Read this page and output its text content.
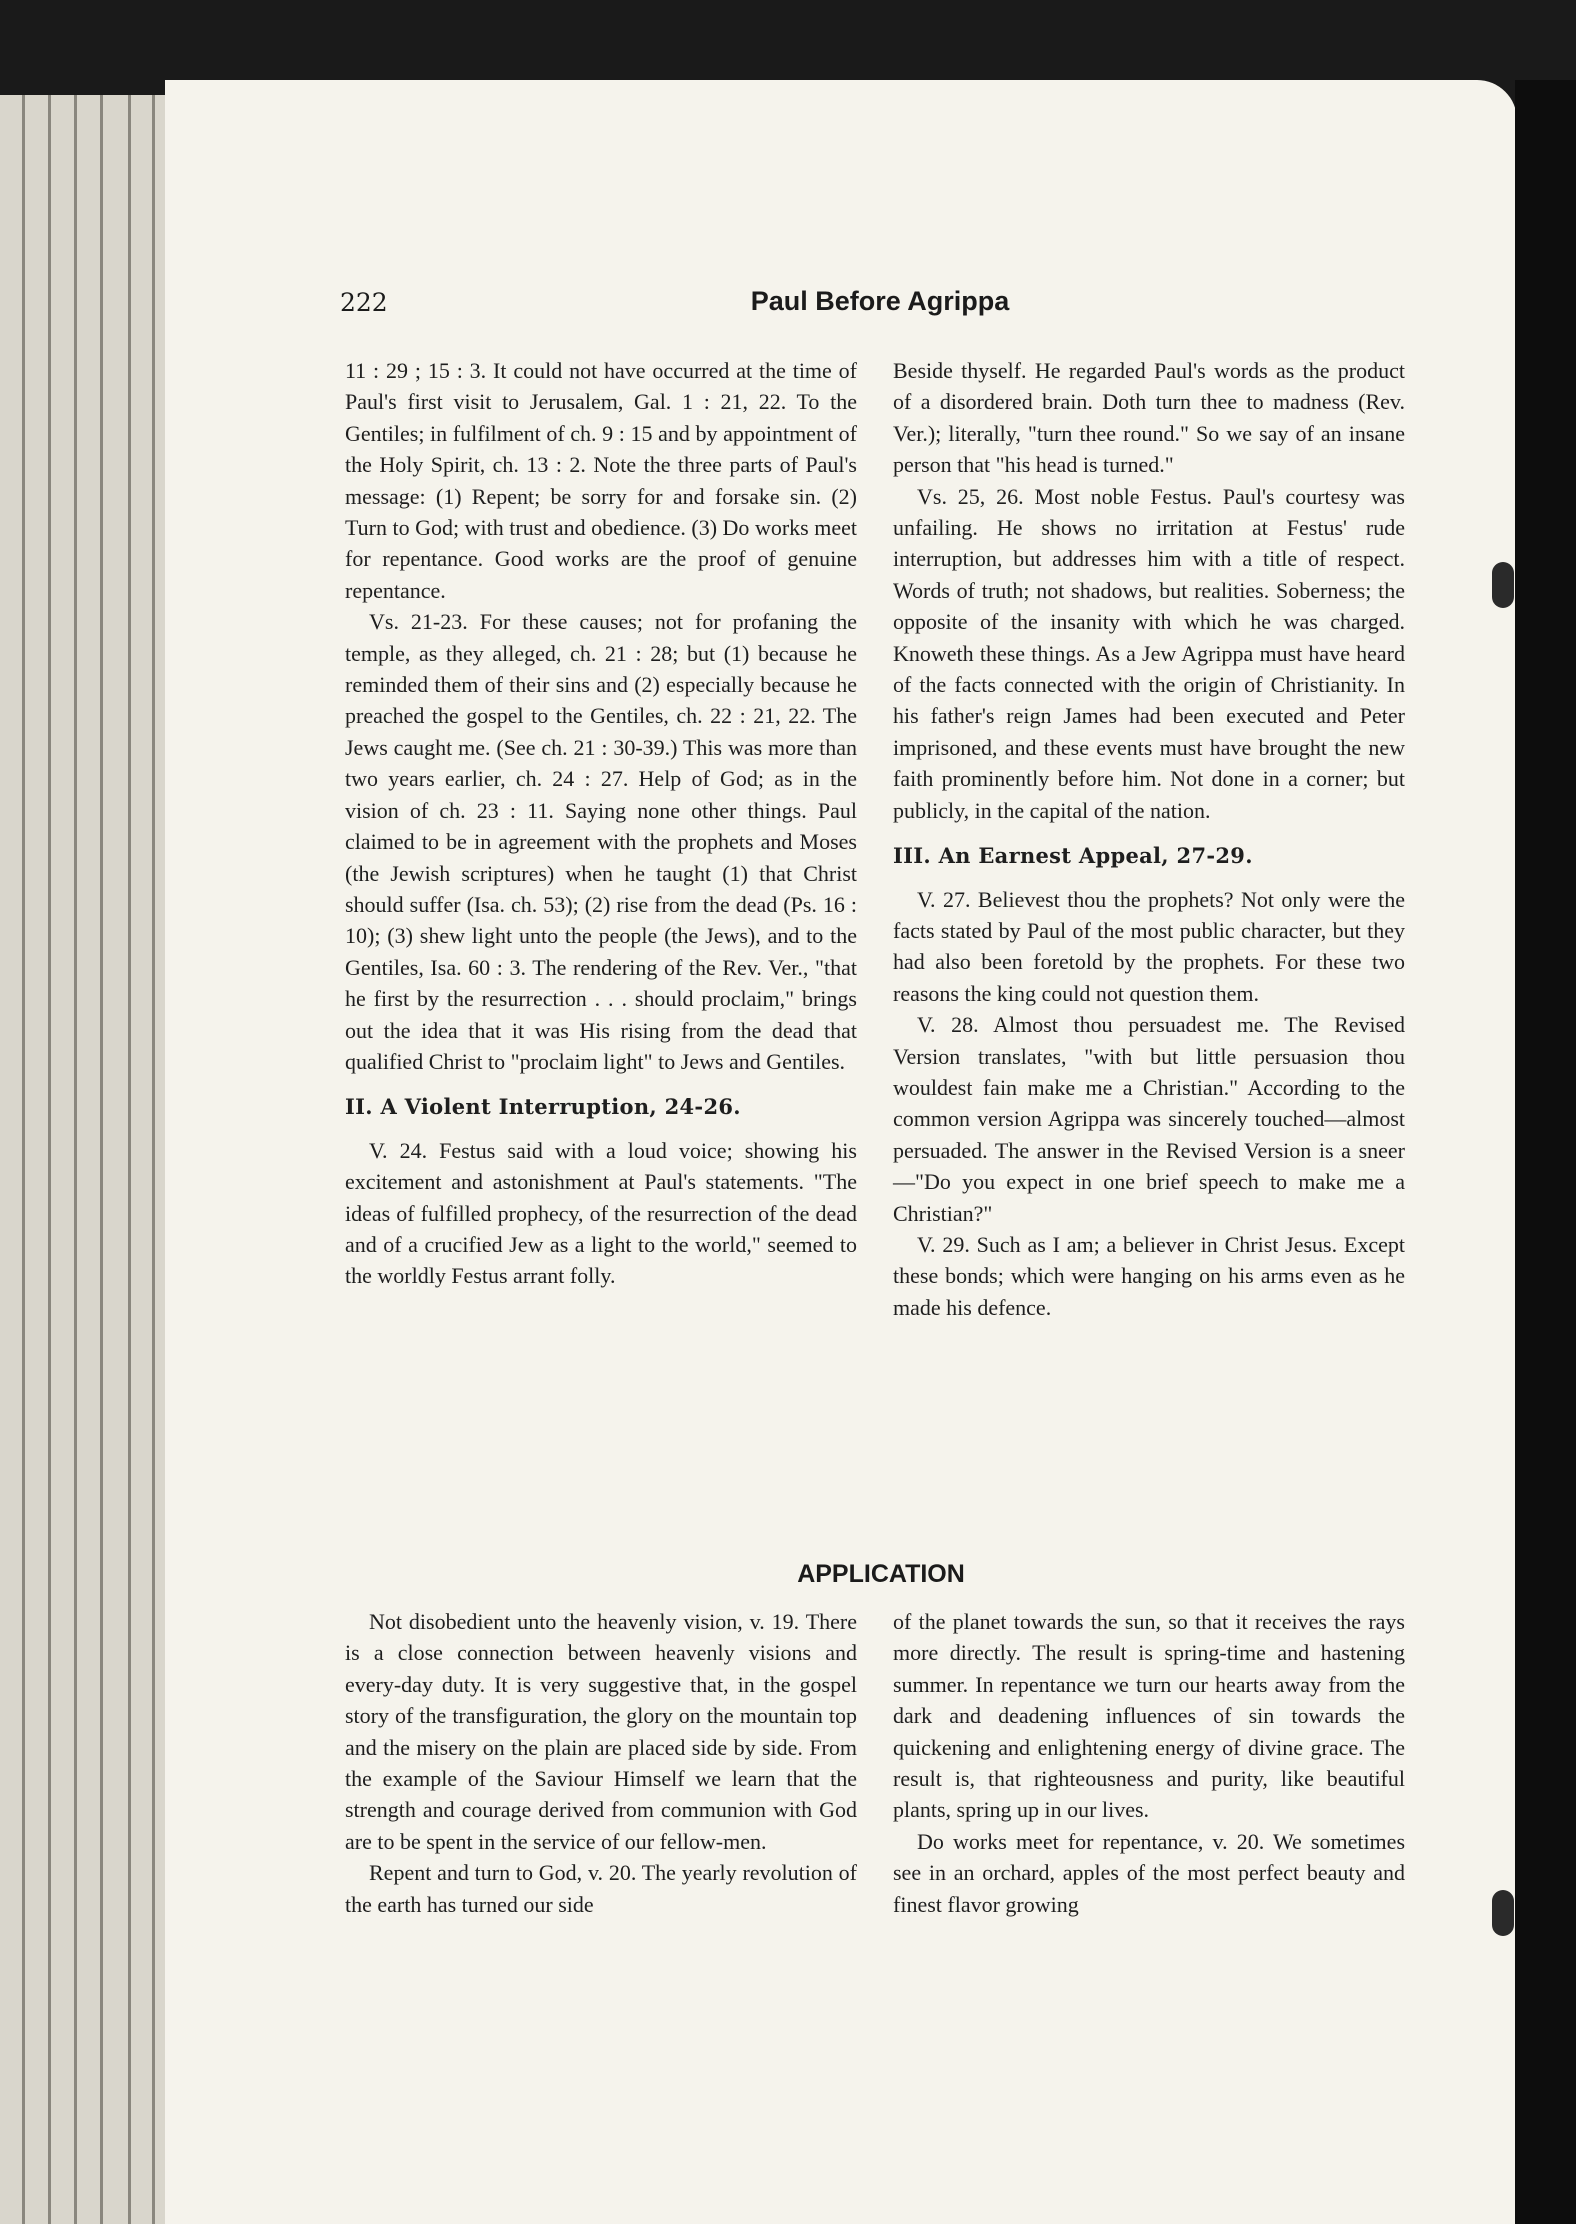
222	Paul Before Agrippa

11 : 29 ; 15 : 3. It could not have occurred at the time of Paul's first visit to Jerusalem, Gal. 1 : 21, 22. To the Gentiles; in fulfilment of ch. 9 : 15 and by appointment of the Holy Spirit, ch. 13 : 2. Note the three parts of Paul's message: (1) Repent; be sorry for and forsake sin. (2) Turn to God; with trust and obedience. (3) Do works meet for repentance. Good works are the proof of genuine repentance.

Vs. 21-23. For these causes; not for profaning the temple, as they alleged, ch. 21 : 28; but (1) because he reminded them of their sins and (2) especially because he preached the gospel to the Gentiles, ch. 22 : 21, 22. The Jews caught me. (See ch. 21 : 30-39.) This was more than two years earlier, ch. 24 : 27. Help of God; as in the vision of ch. 23 : 11. Saying none other things. Paul claimed to be in agreement with the prophets and Moses (the Jewish scriptures) when he taught (1) that Christ should suffer (Isa. ch. 53); (2) rise from the dead (Ps. 16 : 10); (3) shew light unto the people (the Jews), and to the Gentiles, Isa. 60 : 3. The rendering of the Rev. Ver., "that he first by the resurrection . . . should proclaim," brings out the idea that it was His rising from the dead that qualified Christ to "proclaim light" to Jews and Gentiles.

II. A Violent Interruption, 24-26.

V. 24. Festus said with a loud voice; showing his excitement and astonishment at Paul's statements. "The ideas of fulfilled prophecy, of the resurrection of the dead and of a crucified Jew as a light to the world," seemed to the worldly Festus arrant folly.

Beside thyself. He regarded Paul's words as the product of a disordered brain. Doth turn thee to madness (Rev. Ver.); literally, "turn thee round." So we say of an insane person that "his head is turned."

Vs. 25, 26. Most noble Festus. Paul's courtesy was unfailing. He shows no irritation at Festus' rude interruption, but addresses him with a title of respect. Words of truth; not shadows, but realities. Soberness; the opposite of the insanity with which he was charged. Knoweth these things. As a Jew Agrippa must have heard of the facts connected with the origin of Christianity. In his father's reign James had been executed and Peter imprisoned, and these events must have brought the new faith prominently before him. Not done in a corner; but publicly, in the capital of the nation.

III. An Earnest Appeal, 27-29.

V. 27. Believest thou the prophets? Not only were the facts stated by Paul of the most public character, but they had also been foretold by the prophets. For these two reasons the king could not question them.

V. 28. Almost thou persuadest me. The Revised Version translates, "with but little persuasion thou wouldest fain make me a Christian." According to the common version Agrippa was sincerely touched—almost persuaded. The answer in the Revised Version is a sneer—"Do you expect in one brief speech to make me a Christian?"

V. 29. Such as I am; a believer in Christ Jesus. Except these bonds; which were hanging on his arms even as he made his defence.

APPLICATION

Not disobedient unto the heavenly vision, v. 19. There is a close connection between heavenly visions and every-day duty. It is very suggestive that, in the gospel story of the transfiguration, the glory on the mountain top and the misery on the plain are placed side by side. From the example of the Saviour Himself we learn that the strength and courage derived from communion with God are to be spent in the service of our fellow-men.

Repent and turn to God, v. 20. The yearly revolution of the earth has turned our side

of the planet towards the sun, so that it receives the rays more directly. The result is spring-time and hastening summer. In repentance we turn our hearts away from the dark and deadening influences of sin towards the quickening and enlightening energy of divine grace. The result is, that righteousness and purity, like beautiful plants, spring up in our lives.

Do works meet for repentance, v. 20. We sometimes see in an orchard, apples of the most perfect beauty and finest flavor growing
